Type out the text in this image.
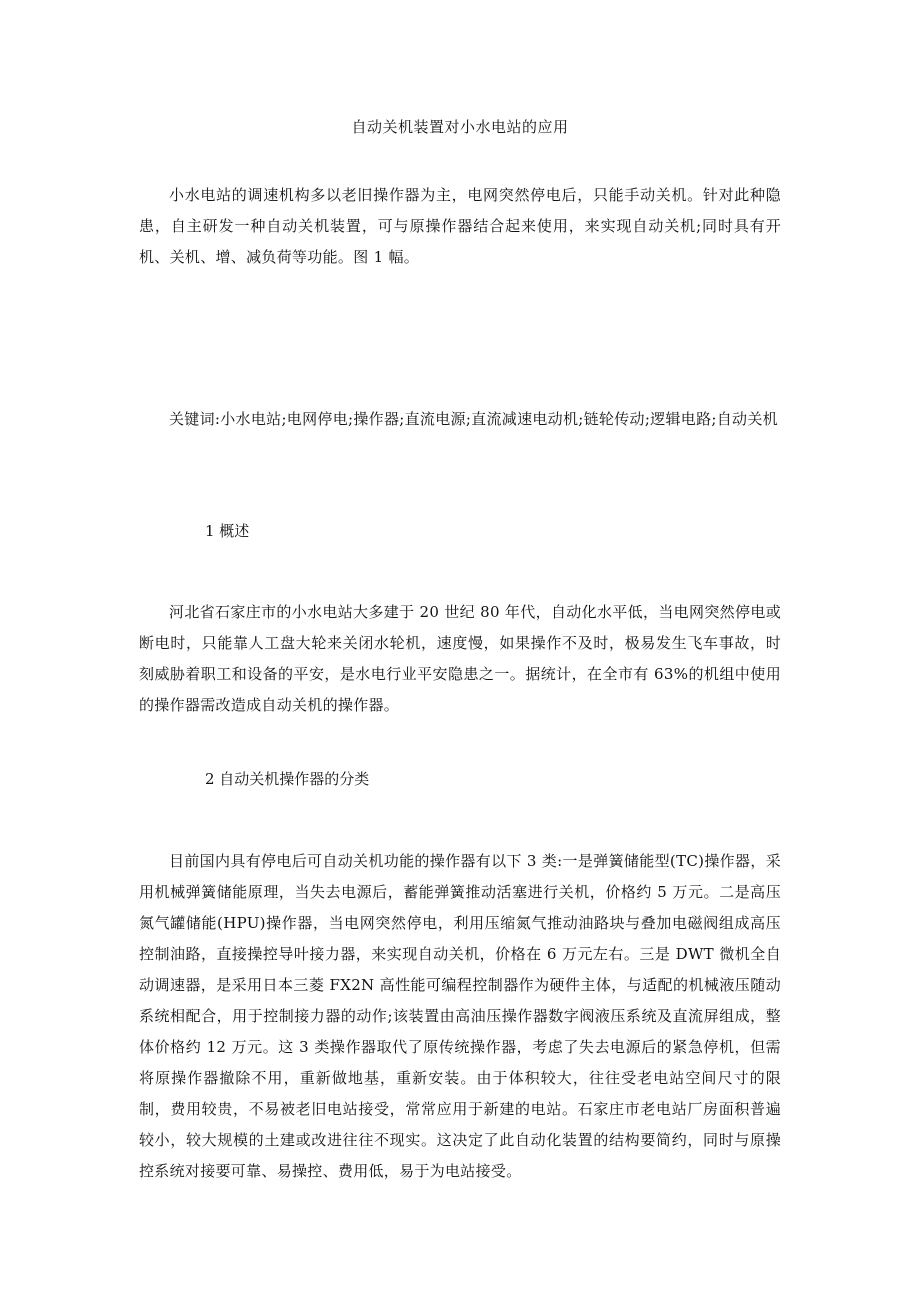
自动关机装置对小水电站的应用

小水电站的调速机构多以老旧操作器为主，电网突然停电后，只能手动关机。针对此种隐患，自主研发一种自动关机装置，可与原操作器结合起来使用，来实现自动关机;同时具有开机、关机、增、减负荷等功能。图 1 幅。

关键词:小水电站;电网停电;操作器;直流电源;直流减速电动机;链轮传动;逻辑电路;自动关机

1 概述

河北省石家庄市的小水电站大多建于 20 世纪 80 年代，自动化水平低，当电网突然停电或断电时，只能靠人工盘大轮来关闭水轮机，速度慢，如果操作不及时，极易发生飞车事故，时刻威胁着职工和设备的平安，是水电行业平安隐患之一。据统计，在全市有 63%的机组中使用的操作器需改造成自动关机的操作器。

2 自动关机操作器的分类

目前国内具有停电后可自动关机功能的操作器有以下 3 类:一是弹簧储能型(TC)操作器，采用机械弹簧储能原理，当失去电源后，蓄能弹簧推动活塞进行关机，价格约 5 万元。二是高压氮气罐储能(HPU)操作器，当电网突然停电，利用压缩氮气推动油路块与叠加电磁阀组成高压控制油路，直接操控导叶接力器，来实现自动关机，价格在 6 万元左右。三是 DWT 微机全自动调速器，是采用日本三菱 FX2N 高性能可编程控制器作为硬件主体，与适配的机械液压随动系统相配合，用于控制接力器的动作;该装置由高油压操作器数字阀液压系统及直流屏组成，整体价格约 12 万元。这 3 类操作器取代了原传统操作器，考虑了失去电源后的紧急停机，但需将原操作器撤除不用，重新做地基，重新安装。由于体积较大，往往受老电站空间尺寸的限制，费用较贵，不易被老旧电站接受，常常应用于新建的电站。石家庄市老电站厂房面积普遍较小，较大规模的土建或改进往往不现实。这决定了此自动化装置的结构要简约，同时与原操控系统对接要可靠、易操控、费用低，易于为电站接受。
